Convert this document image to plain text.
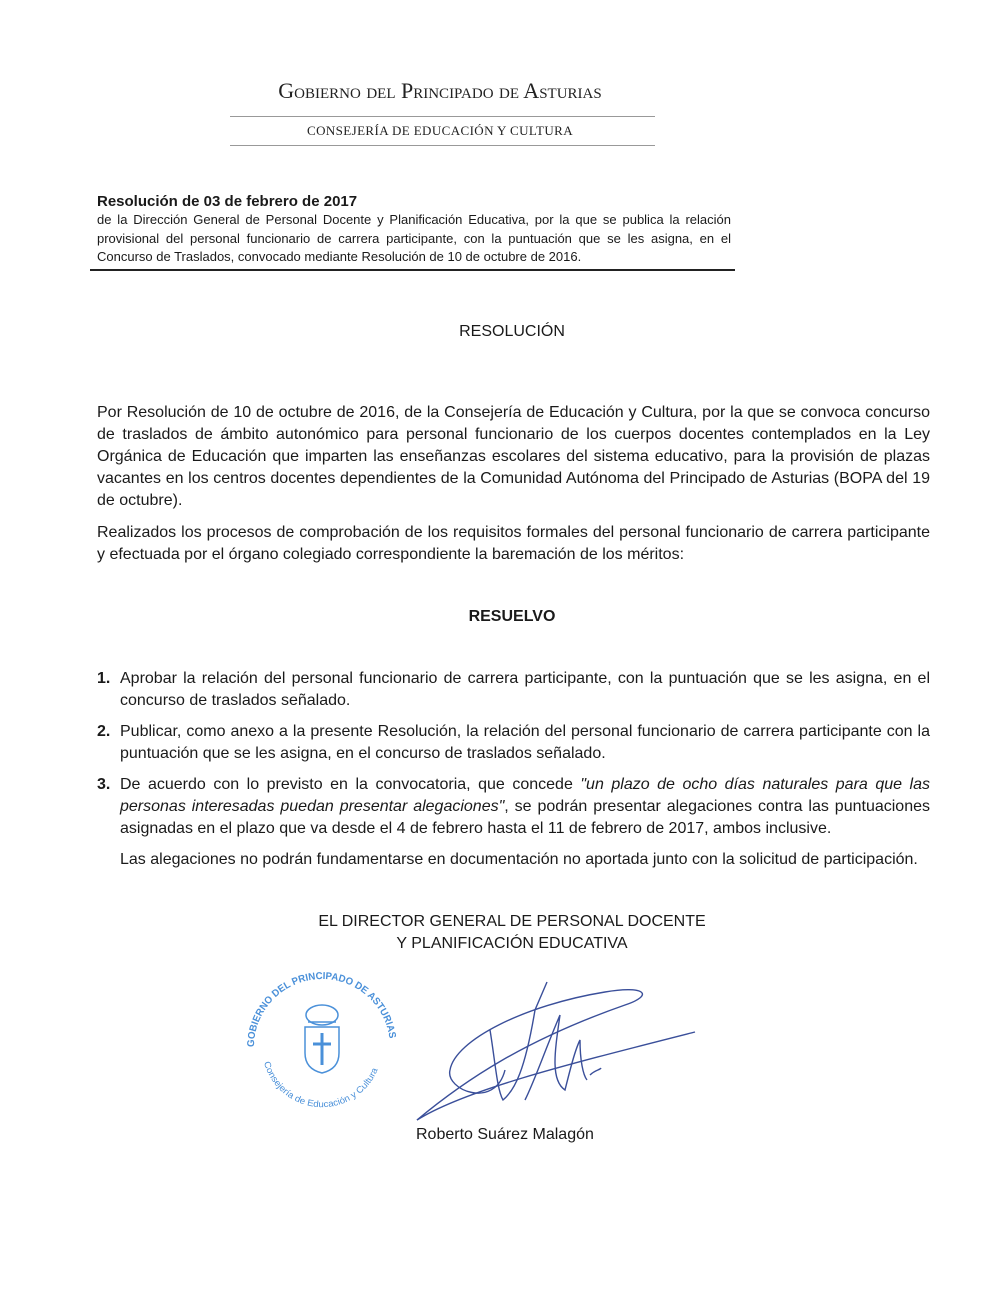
Gobierno del Principado de Asturias
CONSEJERÍA DE EDUCACIÓN Y CULTURA
Resolución de 03 de febrero de 2017
de la Dirección General de Personal Docente y Planificación Educativa, por la que se publica la relación provisional del personal funcionario de carrera participante, con la puntuación que se les asigna, en el Concurso de Traslados, convocado mediante Resolución de 10 de octubre de 2016.
RESOLUCIÓN
Por Resolución de 10 de octubre de 2016, de la Consejería de Educación y Cultura, por la que se convoca concurso de traslados de ámbito autonómico para personal funcionario de los cuerpos docentes contemplados en la Ley Orgánica de Educación que imparten las enseñanzas escolares del sistema educativo, para la provisión de plazas vacantes en los centros docentes dependientes de la Comunidad Autónoma del Principado de Asturias (BOPA del 19 de octubre).
Realizados los procesos de comprobación de los requisitos formales del personal funcionario de carrera participante y efectuada por el órgano colegiado correspondiente la baremación de los méritos:
RESUELVO
1. Aprobar la relación del personal funcionario de carrera participante, con la puntuación que se les asigna, en el concurso de traslados señalado.
2. Publicar, como anexo a la presente Resolución, la relación del personal funcionario de carrera participante con la puntuación que se les asigna, en el concurso de traslados señalado.
3. De acuerdo con lo previsto en la convocatoria, que concede "un plazo de ocho días naturales para que las personas interesadas puedan presentar alegaciones", se podrán presentar alegaciones contra las puntuaciones asignadas en el plazo que va desde el 4 de febrero hasta el 11 de febrero de 2017, ambos inclusive.
Las alegaciones no podrán fundamentarse en documentación no aportada junto con la solicitud de participación.
EL DIRECTOR GENERAL DE PERSONAL DOCENTE
Y PLANIFICACIÓN EDUCATIVA
GOBIERNO DEL PRINCIPADO DE ASTURIAS
Consejería de Educación y Cultura
Roberto Suárez Malagón
